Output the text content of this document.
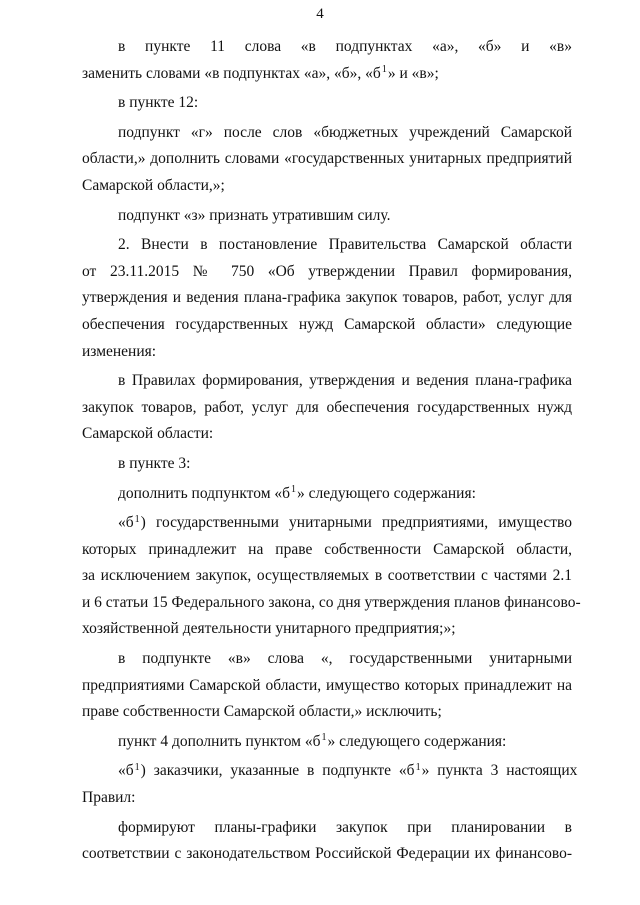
4
в пункте 11 слова «в подпунктах «а», «б» и «в»
заменить словами «в подпунктах «а», «б», «$б^1$» и «в»;
в пункте 12:
подпункт «г» после слов «бюджетных учреждений Самарской
области,» дополнить словами «государственных унитарных предприятий
Самарской области,»;
подпункт «з» признать утратившим силу.
2. Внести в постановление Правительства Самарской области
от 23.11.2015 № 750 «Об утверждении Правил формирования,
утверждения и ведения плана-графика закупок товаров, работ, услуг для
обеспечения государственных нужд Самарской области» следующие
изменения:
в Правилах формирования, утверждения и ведения плана-графика
закупок товаров, работ, услуг для обеспечения государственных нужд
Самарской области:
в пункте 3:
дополнить подпунктом «$б^1$» следующего содержания:
«$б^1$ ) государственными унитарными предприятиями, имущество
которых принадлежит на праве собственности Самарской области,
за исключением закупок, осуществляемых в соответствии с частями 2.1
и 6 статьи 15 Федерального закона, со дня утверждения планов финансово-
хозяйственной деятельности унитарного предприятия;»;
в подпункте «в» слова «, государственными унитарными
предприятиями Самарской области, имущество которых принадлежит на
праве собственности Самарской области,» исключить;
пункт 4 дополнить пунктом «$б^1$» следующего содержания:
«$б^1$) заказчики, указанные в подпункте «$б^1$» пункта 3 настоящих
Правил:
формируют планы-графики закупок при планировании в
соответствии с законодательством Российской Федерации их финансово-
